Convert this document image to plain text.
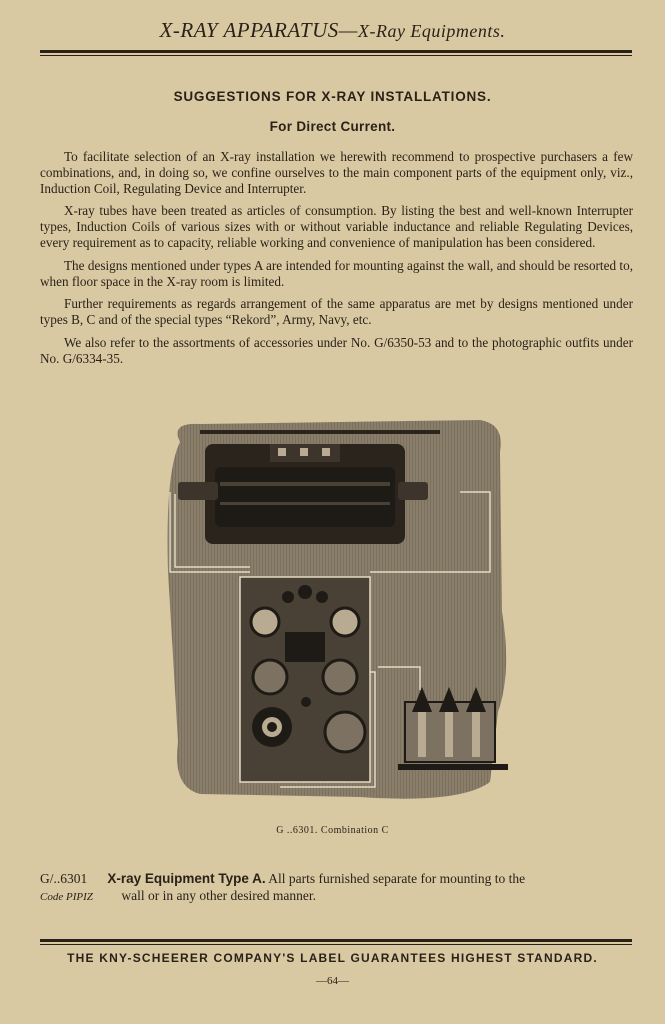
X-RAY APPARATUS—X-Ray Equipments.
SUGGESTIONS FOR X-RAY INSTALLATIONS.
For Direct Current.

To facilitate selection of an X-ray installation we herewith recommend to prospective purchasers a few combinations, and, in doing so, we confine ourselves to the main component parts of the equipment only, viz., Induction Coil, Regulating Device and Interrupter.

X-ray tubes have been treated as articles of consumption. By listing the best and well-known Interrupter types, Induction Coils of various sizes with or without variable inductance and reliable Regulating Devices, every requirement as to capacity, reliable working and convenience of manipulation has been considered.

The designs mentioned under types A are intended for mounting against the wall, and should be resorted to, when floor space in the X-ray room is limited.

Further requirements as regards arrangement of the same apparatus are met by designs mentioned under types B, C and of the special types “Rekord”, Army, Navy, etc.

We also refer to the assortments of accessories under No. G/6350-53 and to the photographic outfits under No. G/6334-35.

G ..6301. Combination C
G/..6301 X-ray Equipment Type A. All parts furnished separate for mounting to the
Code PIPIZ wall or in any other desired manner.
THE KNY-SCHEERER COMPANY'S LABEL GUARANTEES HIGHEST STANDARD.
—64—
